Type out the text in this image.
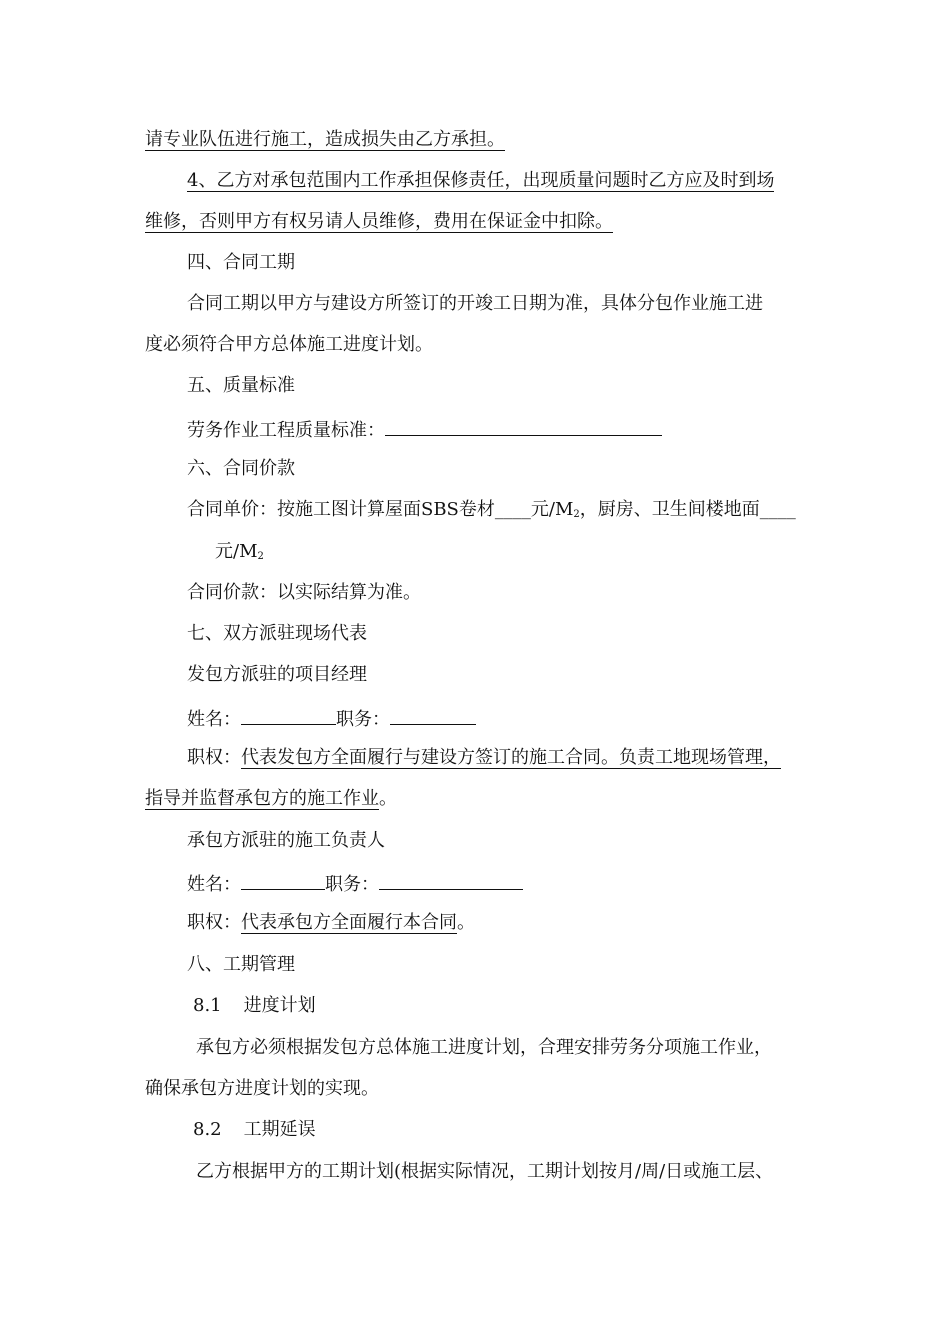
请专业队伍进行施工，造成损失由乙方承担。
4、乙方对承包范围内工作承担保修责任，出现质量问题时乙方应及时到场
维修，否则甲方有权另请人员维修，费用在保证金中扣除。
四、合同工期
合同工期以甲方与建设方所签订的开竣工日期为准，具体分包作业施工进
度必须符合甲方总体施工进度计划。
五、质量标准
劳务作业工程质量标准：
六、合同价款
合同单价：按施工图计算屋面SBS卷材____元$/M_2$，厨房、卫生间楼地面____
元$/M_2$
合同价款：以实际结算为准。
七、双方派驻现场代表
发包方派驻的项目经理
姓名：	职务：
职权：代表发包方全面履行与建设方签订的施工合同。负责工地现场管理，
指导并监督承包方的施工作业。
承包方派驻的施工负责人
姓名：	职务：
职权：代表承包方全面履行本合同。
八、工期管理
8.1 进度计划
承包方必须根据发包方总体施工进度计划，合理安排劳务分项施工作业，
确保承包方进度计划的实现。
8.2 工期延误
乙方根据甲方的工期计划(根据实际情况，工期计划按月/周/日或施工层、
